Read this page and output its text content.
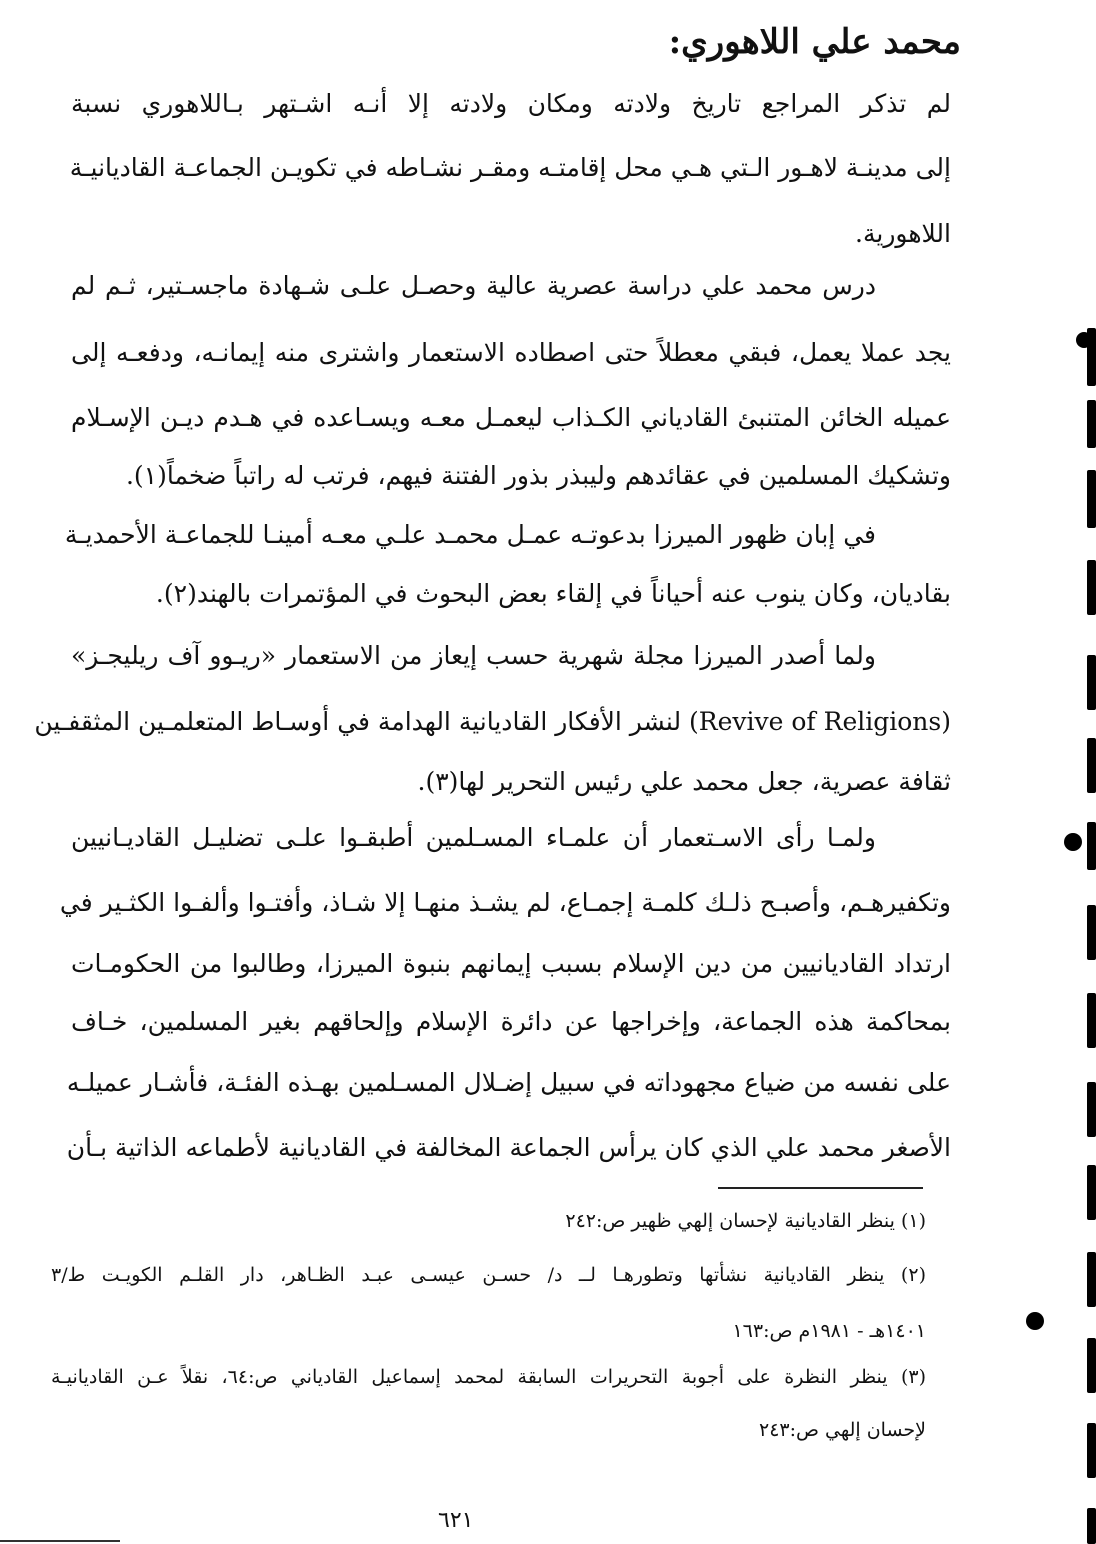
محمد علي اللاهوري:

لم تذكر المراجع تاريخ ولادته ومكان ولادته إلا أنـه اشـتهر بـاللاهوري نسبة

إلى مدينـة لاهـور الـتي هـي محل إقامتـه ومقـر نشـاطه في تكويـن الجماعـة القاديانيـة

اللاهورية.

درس محمد علي دراسة عصرية عالية وحصـل علـى شـهادة ماجسـتير، ثـم لم

يجد عملا يعمل، فبقي معطلاً حتى اصطاده الاستعمار واشترى منه إيمانـه، ودفعـه إلى

عميله الخائن المتنبئ القادياني الكـذاب ليعمـل معـه ويسـاعده في هـدم ديـن الإسـلام

وتشكيك المسلمين في عقائدهم وليبذر بذور الفتنة فيهم، فرتب له راتباً ضخماً(١).

في إبان ظهور الميرزا بدعوتـه عمـل محمـد علـي معـه أمينـا للجماعـة الأحمديـة

بقاديان، وكان ينوب عنه أحياناً في إلقاء بعض البحوث في المؤتمرات بالهند(٢).

ولما أصدر الميرزا مجلة شهرية حسب إيعاز من الاستعمار «ريـوو آف ريليجـز»

(Revive of Religions) لنشر الأفكار القاديانية الهدامة في أوسـاط المتعلمـين المثقفـين

ثقافة عصرية، جعل محمد علي رئيس التحرير لها(٣).

ولمـا رأى الاسـتعمار أن علمـاء المسـلمين أطبقـوا علـى تضليـل القاديـانيين

وتكفيرهـم، وأصبـح ذلـك كلمـة إجمـاع، لم يشـذ منهـا إلا شـاذ، وأفتـوا وألفـوا الكثـير في

ارتداد القاديانيين من دين الإسلام بسبب إيمانهم بنبوة الميرزا، وطالبوا من الحكومـات

بمحاكمة هذه الجماعة، وإخراجها عن دائرة الإسلام وإلحاقهم بغير المسلمين، خـاف

على نفسه من ضياع مجهوداته في سبيل إضـلال المسـلمين بهـذه الفئـة، فأشـار عميلـه

الأصغر محمد علي الذي كان يرأس الجماعة المخالفة في القاديانية لأطماعه الذاتية بـأن

(١) ينظر القاديانية لإحسان إلهي ظهير ص:٢٤٢

(٢) ينظر القاديانية نشأتها وتطورهـا لــ د/ حسـن عيسـى عبـد الظـاهر، دار القلـم الكويـت ط/٣

١٤٠١هـ - ١٩٨١م ص:١٦٣

(٣) ينظر النظرة على أجوبة التحريرات السابقة لمحمد إسماعيل القادياني ص:٦٤، نقلاً عـن القاديانيـة

لإحسان إلهي ص:٢٤٣

٦٢١
